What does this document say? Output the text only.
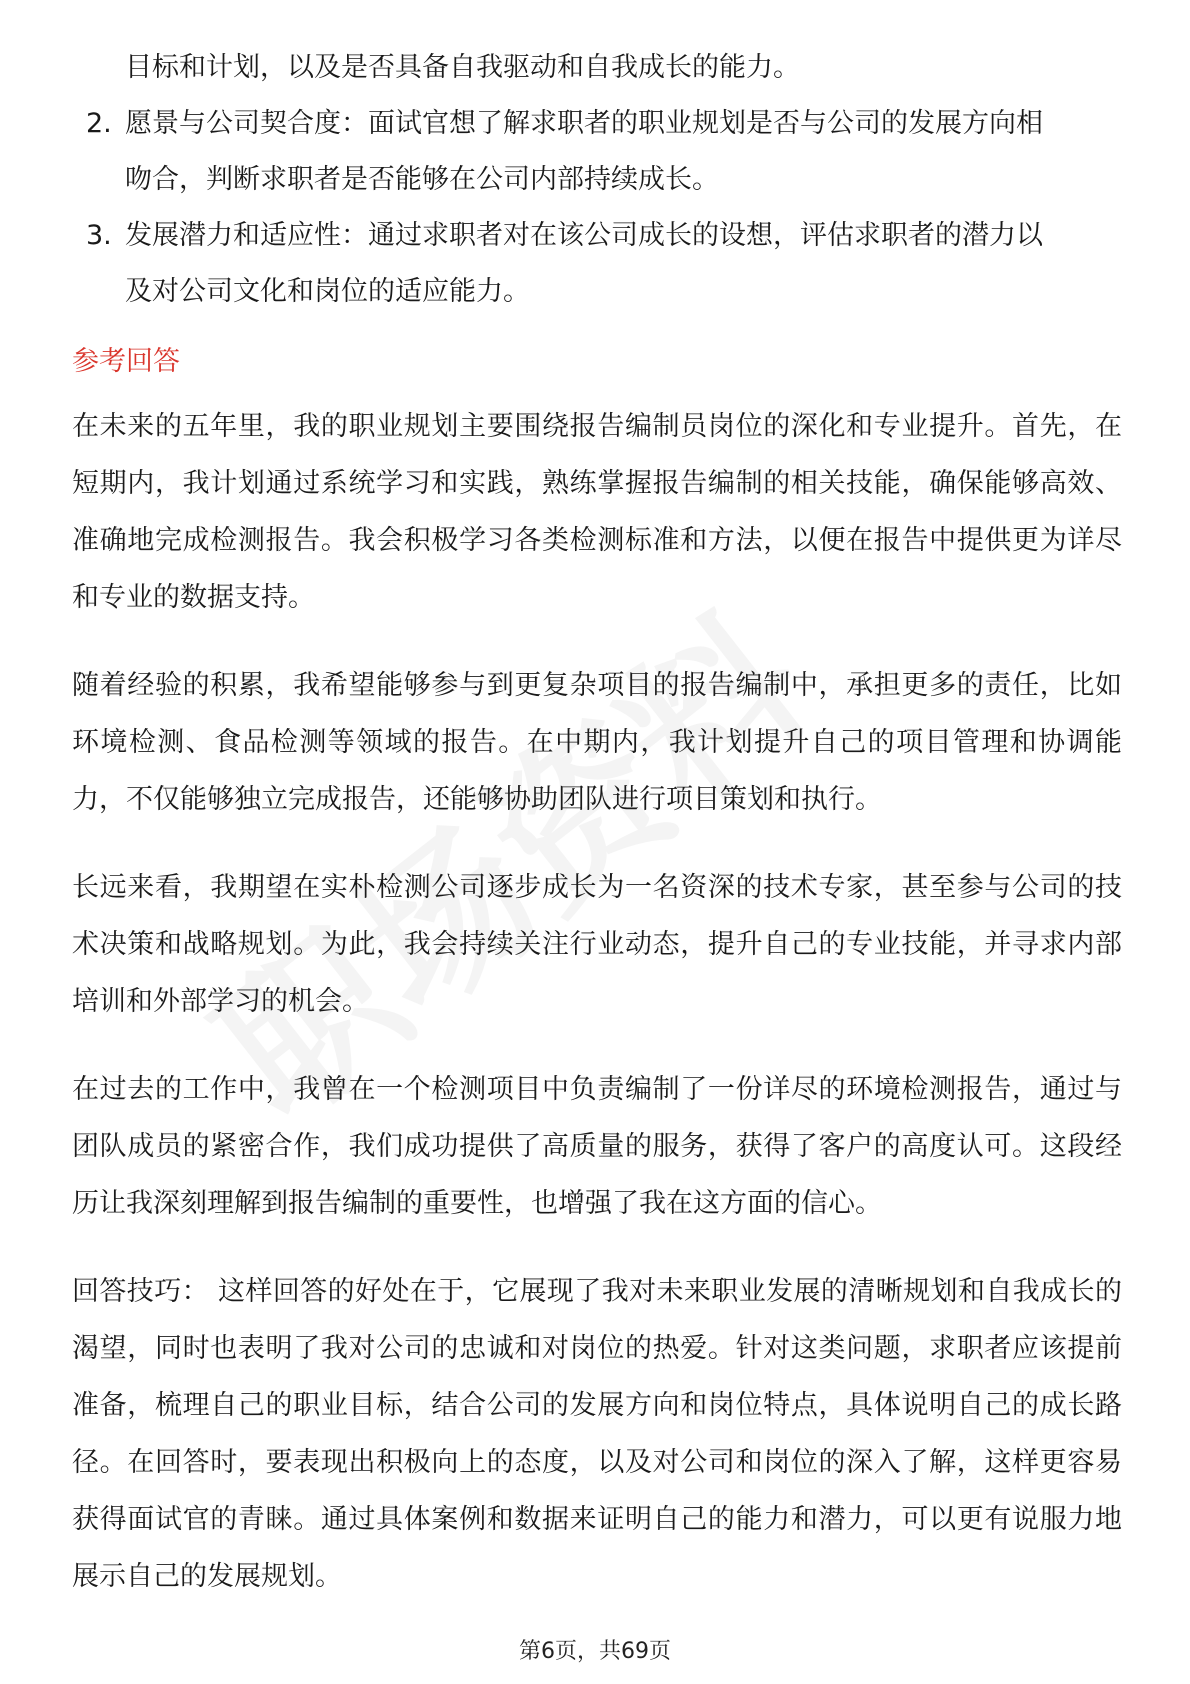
目标和计划，以及是否具备自我驱动和自我成长的能力。

2. 愿景与公司契合度：面试官想了解求职者的职业规划是否与公司的发展方向相

吻合，判断求职者是否能够在公司内部持续成长。

3. 发展潜力和适应性：通过求职者对在该公司成长的设想，评估求职者的潜力以

及对公司文化和岗位的适应能力。

参考回答

在未来的五年里，我的职业规划主要围绕报告编制员岗位的深化和专业提升。首先，在短期内，我计划通过系统学习和实践，熟练掌握报告编制的相关技能，确保能够高效、准确地完成检测报告。我会积极学习各类检测标准和方法，以便在报告中提供更为详尽和专业的数据支持。

随着经验的积累，我希望能够参与到更复杂项目的报告编制中，承担更多的责任，比如环境检测、食品检测等领域的报告。在中期内，我计划提升自己的项目管理和协调能力，不仅能够独立完成报告，还能够协助团队进行项目策划和执行。

长远来看，我期望在实朴检测公司逐步成长为一名资深的技术专家，甚至参与公司的技术决策和战略规划。为此，我会持续关注行业动态，提升自己的专业技能，并寻求内部培训和外部学习的机会。

在过去的工作中，我曾在一个检测项目中负责编制了一份详尽的环境检测报告，通过与团队成员的紧密合作，我们成功提供了高质量的服务，获得了客户的高度认可。这段经历让我深刻理解到报告编制的重要性，也增强了我在这方面的信心。

回答技巧： 这样回答的好处在于，它展现了我对未来职业发展的清晰规划和自我成长的渴望，同时也表明了我对公司的忠诚和对岗位的热爱。针对这类问题，求职者应该提前准备，梳理自己的职业目标，结合公司的发展方向和岗位特点，具体说明自己的成长路径。在回答时，要表现出积极向上的态度，以及对公司和岗位的深入了解，这样更容易获得面试官的青睐。通过具体案例和数据来证明自己的能力和潜力，可以更有说服力地展示自己的发展规划。

第6页，共69页
